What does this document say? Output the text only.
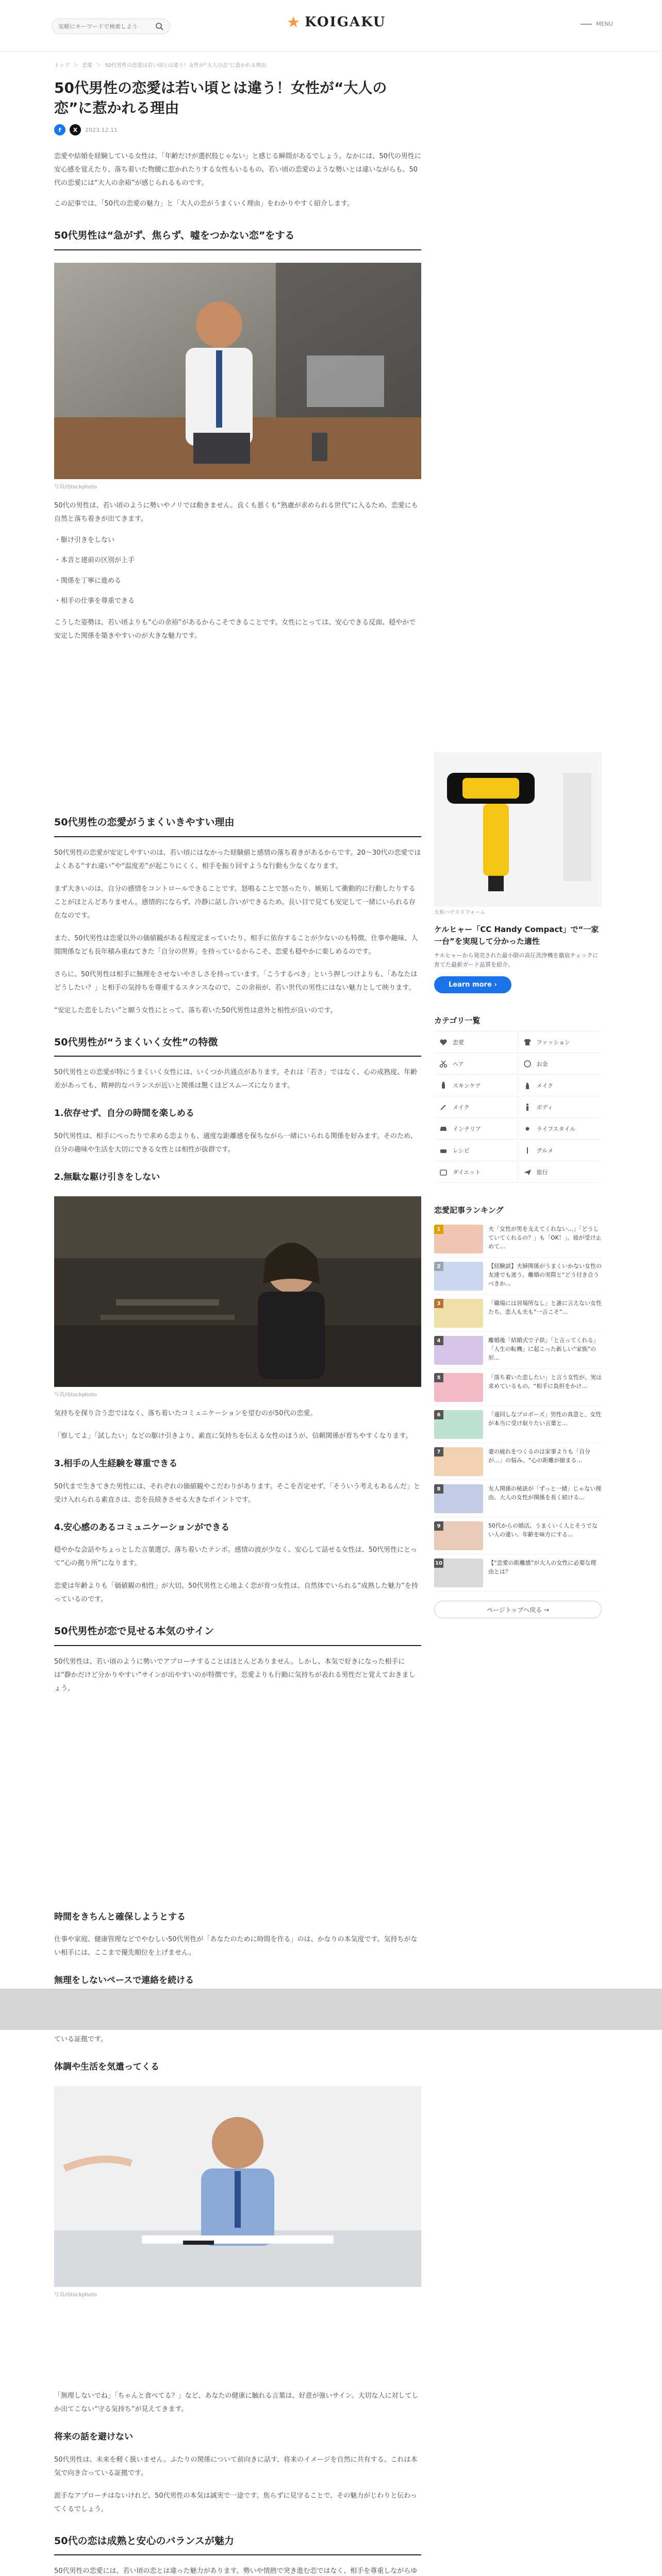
気軽にキーワードで検索しよう
KOIGAKU	MENU
トップ ＞ 恋愛 ＞ 50代男性の恋愛は若い頃とは違う！女性が“大人の恋”に惹かれる理由
50代男性の恋愛は若い頃とは違う！女性が“大人の恋”に惹かれる理由
f	X	2023.12.11

恋愛や結婚を経験している女性は、「年齢だけが選択肢じゃない」と感じる瞬間があるでしょう。なかには、50代の男性に安心感を覚えたり、落ち着いた物腰に惹かれたりする女性もいるもの。若い頃の恋愛のような勢いとは違いながらも、50代の恋愛には“大人の余裕”が感じられるものです。

この記事では、「50代の恋愛の魅力」と「大人の恋がうまくいく理由」をわかりやすく紹介します。

50代男性は“急がず、焦らず、嘘をつかない恋”をする
写真/iStockphoto
50代の男性は、若い頃のように勢いやノリでは動きません。良くも悪くも“熟慮が求められる世代”に入るため、恋愛にも自然と落ち着きが出てきます。
・駆け引きをしない
・本音と建前の区別が上手
・関係を丁寧に進める
・相手の仕事を尊重できる
こうした姿勢は、若い頃よりも“心の余裕”があるからこそできることです。女性にとっては、安心できる反面、穏やかで安定した関係を築きやすいのが大きな魅力です。
50代男性の恋愛がうまくいきやすい理由
50代男性の恋愛が安定しやすいのは、若い頃にはなかった経験値と感情の落ち着きがあるからです。20〜30代の恋愛ではよくある“すれ違い”や“温度差”が起こりにくく、相手を振り回すような行動も少なくなります。
まず大きいのは、自分の感情をコントロールできることです。怒鳴ることで怒ったり、嫉妬して衝動的に行動したりすることがほとんどありません。感情的にならず、冷静に話し合いができるため、長い目で見ても安定して一緒にいられる存在なのです。
また、50代男性は恋愛以外の価値観がある程度定まっていたり、相手に依存することが少ないのも特徴。仕事や趣味、人間関係なども長年積み重ねてきた「自分の世界」を持っているからこそ、恋愛も穏やかに楽しめるのです。
さらに、50代男性は相手に無理をさせないやさしさを持っています。「こうするべき」という押しつけよりも、「あなたはどうしたい？」と相手の気持ちを尊重するスタンスなので、この余裕が、若い世代の男性にはない魅力として映ります。
“安定した恋をしたい”と願う女性にとって、落ち着いた50代男性は意外と相性が良いのです。
50代男性が“うまくいく女性”の特徴
50代男性との恋愛が特にうまくいく女性には、いくつか共通点があります。それは「若さ」ではなく、心の成熟度、年齢差があっても、精神的なバランスが近いと関係は驚くほどスムーズになります。
1.依存せず、自分の時間を楽しめる
50代男性は、相手にべったりで求める恋よりも、適度な距離感を保ちながら一緒にいられる関係を好みます。そのため、自分の趣味や生活を大切にできる女性とは相性が抜群です。
2.無駄な駆け引きをしない
写真/iStockphoto
気持ちを探り合う恋ではなく、落ち着いたコミュニケーションを望むのが50代の恋愛。
「察してよ」「試したい」などの駆け引きより、素直に気持ちを伝える女性のほうが、信頼関係が育ちやすくなります。
3.相手の人生経験を尊重できる
50代まで生きてきた男性には、それぞれの価値観やこだわりがあります。そこを否定せず、「そういう考えもあるんだ」と受け入れられる素直さは、恋を長続きさせる大きなポイントです。
4.安心感のあるコミュニケーションができる
穏やかな会話やちょっとした言葉選び、落ち着いたテンポ。感情の波が少なく、安心して話せる女性は、50代男性にとって“心の拠り所”になります。
恋愛は年齢よりも「価値観の相性」が大切。50代男性と心地よく恋が育つ女性は、自然体でいられる“成熟した魅力”を持っているのです。
50代男性が恋で見せる本気のサイン
50代男性は、若い頃のように勢いでアプローチすることはほとんどありません。しかし、本気で好きになった相手には“静かだけど分かりやすい”サインが出やすいのが特徴です。恋愛よりも行動に気持ちが表れる男性だと覚えておきましょう。
時間をきちんと確保しようとする
仕事や家庭、健康管理などでやむしい50代男性が「あなたのために時間を作る」のは、かなりの本気度です。気持ちがない相手には、ここまで優先順位を上げません。
無理をしないペースで連絡を続ける
ている証拠です。
体調や生活を気遣ってくる
写真/iStockphoto
「無理しないでね」「ちゃんと食べてる？」など、あなたの健康に触れる言葉は、好意が強いサイン。大切な人に対してしか出てこない“守る気持ち”が見えてきます。
将来の話を避けない
50代男性は、未来を軽く扱いません。ふたりの関係について前向きに話す、将来のイメージを自然に共有する、これは本気で向き合っている証拠です。
派手なアプローチはないけれど、50代男性の本気は誠実で一途です。焦らずに見守ることで、その魅力がじわりと伝わってくるでしょう。
50代の恋は成熟と安心のバランスが魅力
50代男性の恋愛には、若い頃の恋とは違った魅力があります。勢いや情熱で突き進む恋ではなく、相手を尊重しながらゆ
大和ハウスリフォーム
ケルヒャー「CC Handy Compact」で“一家一台”を実現して分かった適性
ケルヒャーから発売された最小限の高圧洗浄機を徹底チェックに育てた最新ガード品質を紹介。
Learn more ›
カテゴリ一覧
恋愛	ファッション
ヘア	お金
スキンケア	メイク
メイク	ボディ
インテリア	ライフスタイル
レシピ	グルメ
ダイエット	旅行
恋愛記事ランキング
1	夫「女性が男を支えてくれない…」「どうしていてくれるの？」も「OK！」。彼が受け止めて…
2	【経験談】夫婦関係がうまくいかない女性の友達でも迷う。離婚の実際と“どう付き合うべきか…
3	「職場には居場所なし」と誰に言えない女性たち。恋人も夫も“一言こそ”…
4	離婚後「結婚式で子供」「と言ってくれる」「人生の転機」に起こった新しい“家族”の形…
5	「落ち着いた恋したい」と言う女性が、実は求めているもの。“相手に負担をかけ…
6	「遠回しなプロポーズ」男性の真意と、女性が本当に受け取りたい言葉と…
7	妻の疲れをつくるのは家事よりも「自分が…」の悩み。“心の距離が縮まる…
8	友人関係の秘訣が「ずっと一緒」じゃない理由。大人の女性が関係を長く続ける…
9	50代からの婚活、うまくいく人とそうでない人の違い。年齢を味方にする…
10	【“恋愛の距離感”が大人の女性に必要な理由とは？
ページトップへ戻る →
